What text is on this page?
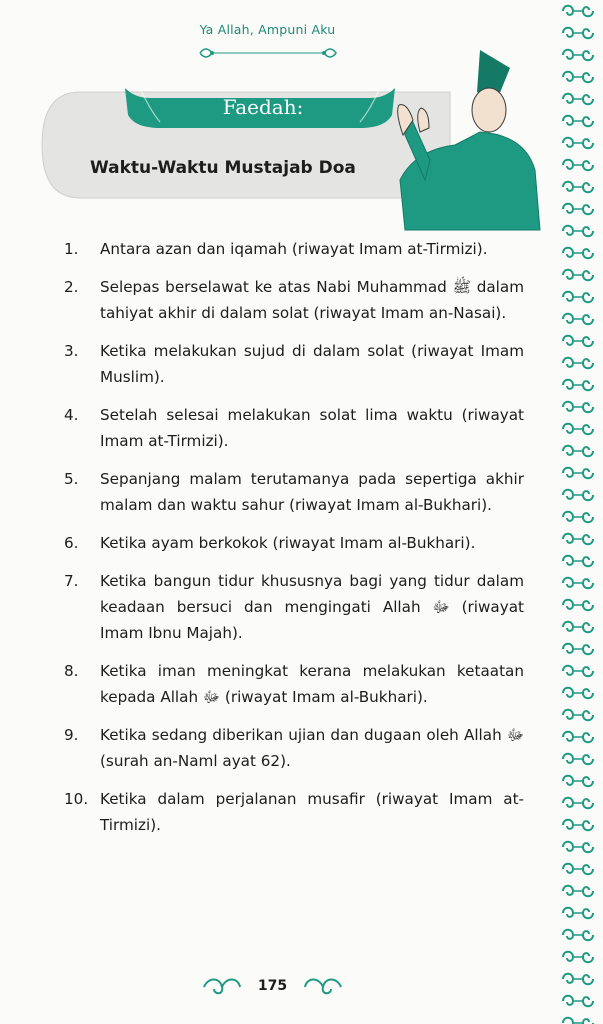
Ya Allah, Ampuni Aku
Faedah:
Waktu-Waktu Mustajab Doa
1. Antara azan dan iqamah (riwayat Imam at-Tirmizi).
2. Selepas berselawat ke atas Nabi Muhammad ﷺ dalam tahiyat akhir di dalam solat (riwayat Imam an-Nasai).
3. Ketika melakukan sujud di dalam solat (riwayat Imam Muslim).
4. Setelah selesai melakukan solat lima waktu (riwayat Imam at-Tirmizi).
5. Sepanjang malam terutamanya pada sepertiga akhir malam dan waktu sahur (riwayat Imam al-Bukhari).
6. Ketika ayam berkokok (riwayat Imam al-Bukhari).
7. Ketika bangun tidur khususnya bagi yang tidur dalam keadaan bersuci dan mengingati Allah ﷻ (riwayat Imam Ibnu Majah).
8. Ketika iman meningkat kerana melakukan ketaatan kepada Allah ﷻ (riwayat Imam al-Bukhari).
9. Ketika sedang diberikan ujian dan dugaan oleh Allah ﷻ (surah an-Naml ayat 62).
10. Ketika dalam perjalanan musafir (riwayat Imam at-Tirmizi).
175
